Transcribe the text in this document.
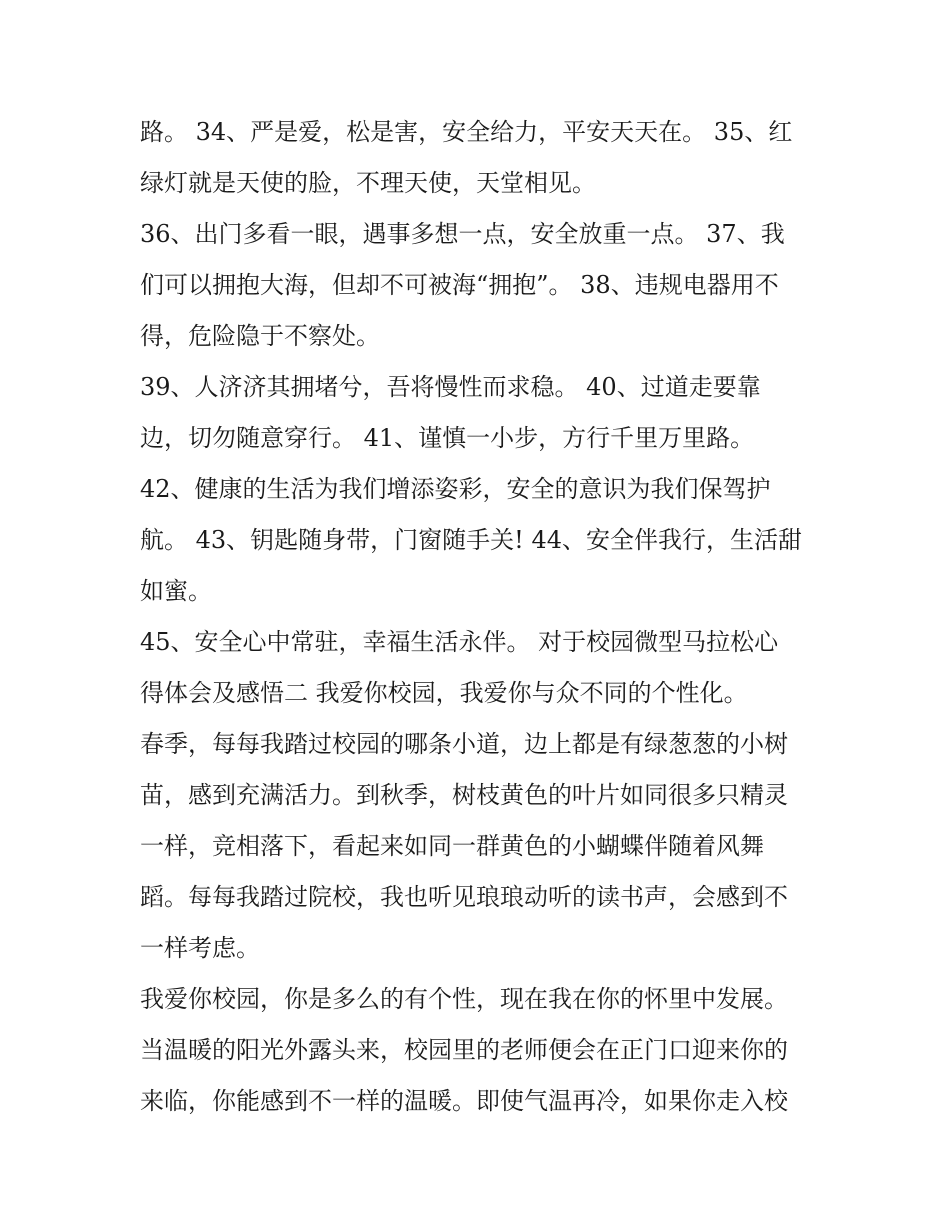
路。 34、严是爱，松是害，安全给力，平安天天在。 35、红
绿灯就是天使的脸，不理天使，天堂相见。

36、出门多看一眼，遇事多想一点，安全放重一点。 37、我
们可以拥抱大海，但却不可被海“拥抱”。 38、违规电器用不
得，危险隐于不察处。

39、人济济其拥堵兮，吾将慢性而求稳。 40、过道走要靠
边，切勿随意穿行。 41、谨慎一小步，方行千里万里路。

42、健康的生活为我们增添姿彩，安全的意识为我们保驾护
航。 43、钥匙随身带，门窗随手关! 44、安全伴我行，生活甜
如蜜。

45、安全心中常驻，幸福生活永伴。 对于校园微型马拉松心
得体会及感悟二 我爱你校园，我爱你与众不同的个性化。

春季，每每我踏过校园的哪条小道，边上都是有绿葱葱的小树
苗，感到充满活力。到秋季，树枝黄色的叶片如同很多只精灵
一样，竞相落下，看起来如同一群黄色的小蝴蝶伴随着风舞
蹈。每每我踏过院校，我也听见琅琅动听的读书声，会感到不
一样考虑。

我爱你校园，你是多么的有个性，现在我在你的怀里中发展。
当温暖的阳光外露头来，校园里的老师便会在正门口迎来你的
来临，你能感到不一样的温暖。即使气温再冷，如果你走入校
